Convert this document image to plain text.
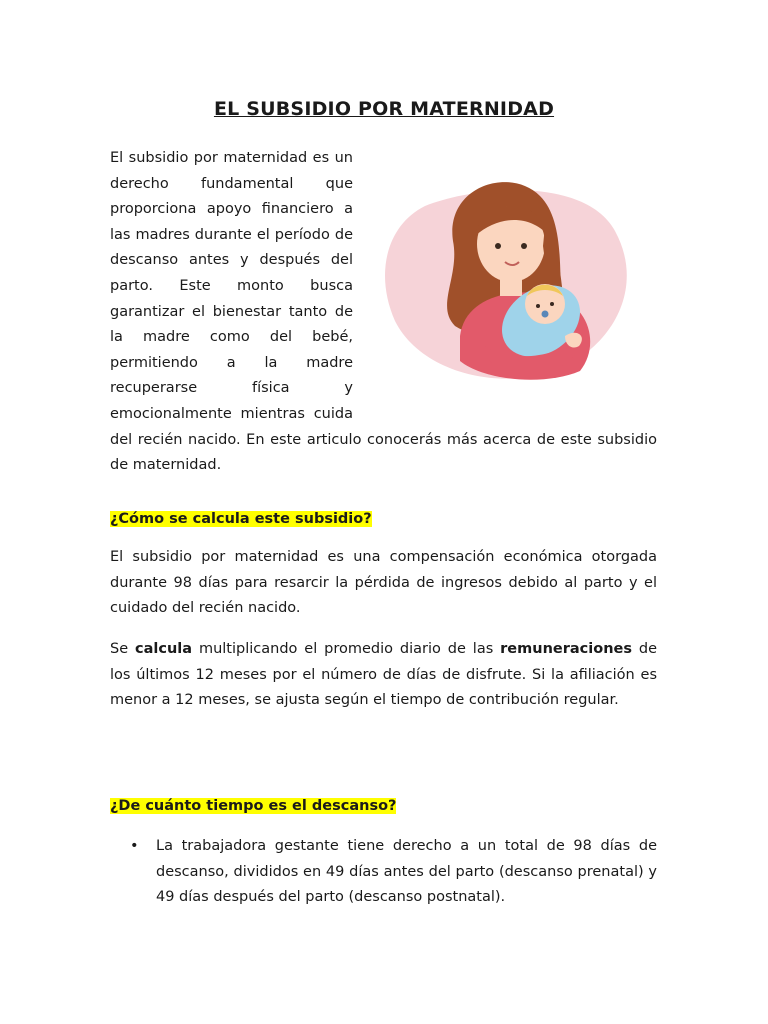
EL SUBSIDIO POR MATERNIDAD

El subsidio por maternidad es un derecho fundamental que proporciona apoyo financiero a las madres durante el período de descanso antes y después del parto. Este monto busca garantizar el bienestar tanto de la madre como del bebé, permitiendo a la madre recuperarse física y emocionalmente mientras cuida del recién nacido. En este articulo conocerás más acerca de este subsidio de maternidad.

¿Cómo se calcula este subsidio?

El subsidio por maternidad es una compensación económica otorgada durante 98 días para resarcir la pérdida de ingresos debido al parto y el cuidado del recién nacido.

Se calcula multiplicando el promedio diario de las remuneraciones de los últimos 12 meses por el número de días de disfrute. Si la afiliación es menor a 12 meses, se ajusta según el tiempo de contribución regular.

¿De cuánto tiempo es el descanso?

• La trabajadora gestante tiene derecho a un total de 98 días de descanso, divididos en 49 días antes del parto (descanso prenatal) y 49 días después del parto (descanso postnatal).
